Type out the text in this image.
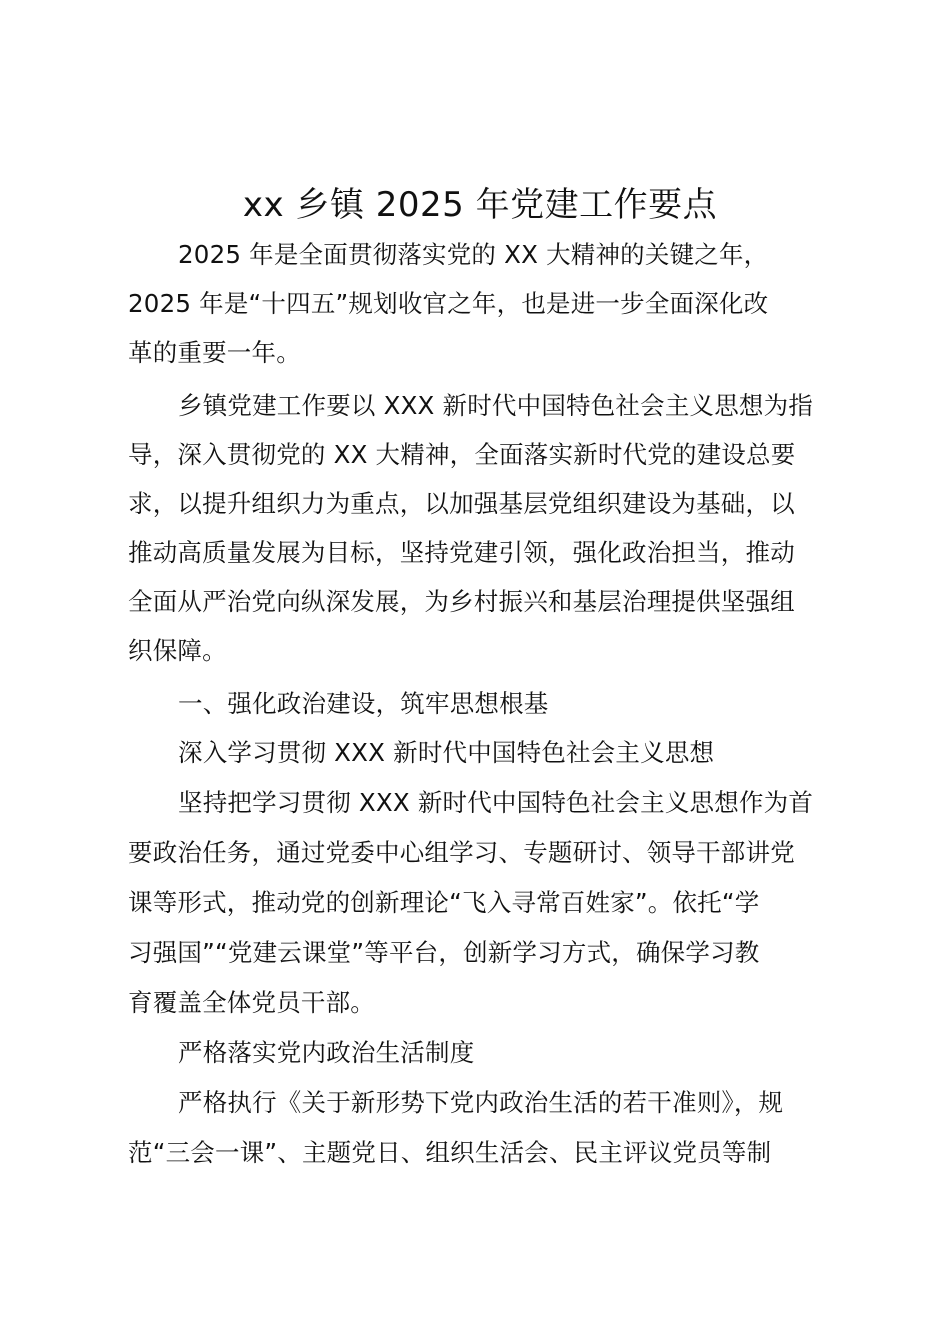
xx 乡镇 2025 年党建工作要点
2025 年是全面贯彻落实党的 XX 大精神的关键之年，
2025 年是“十四五”规划收官之年，也是进一步全面深化改
革的重要一年。
乡镇党建工作要以 XXX 新时代中国特色社会主义思想为指
导，深入贯彻党的 XX 大精神，全面落实新时代党的建设总要
求，以提升组织力为重点，以加强基层党组织建设为基础，以
推动高质量发展为目标，坚持党建引领，强化政治担当，推动
全面从严治党向纵深发展，为乡村振兴和基层治理提供坚强组
织保障。
一、强化政治建设，筑牢思想根基
深入学习贯彻 XXX 新时代中国特色社会主义思想
坚持把学习贯彻 XXX 新时代中国特色社会主义思想作为首
要政治任务，通过党委中心组学习、专题研讨、领导干部讲党
课等形式，推动党的创新理论“飞入寻常百姓家”。依托“学
习强国”“党建云课堂”等平台，创新学习方式，确保学习教
育覆盖全体党员干部。
严格落实党内政治生活制度
严格执行《关于新形势下党内政治生活的若干准则》，规
范“三会一课”、主题党日、组织生活会、民主评议党员等制
